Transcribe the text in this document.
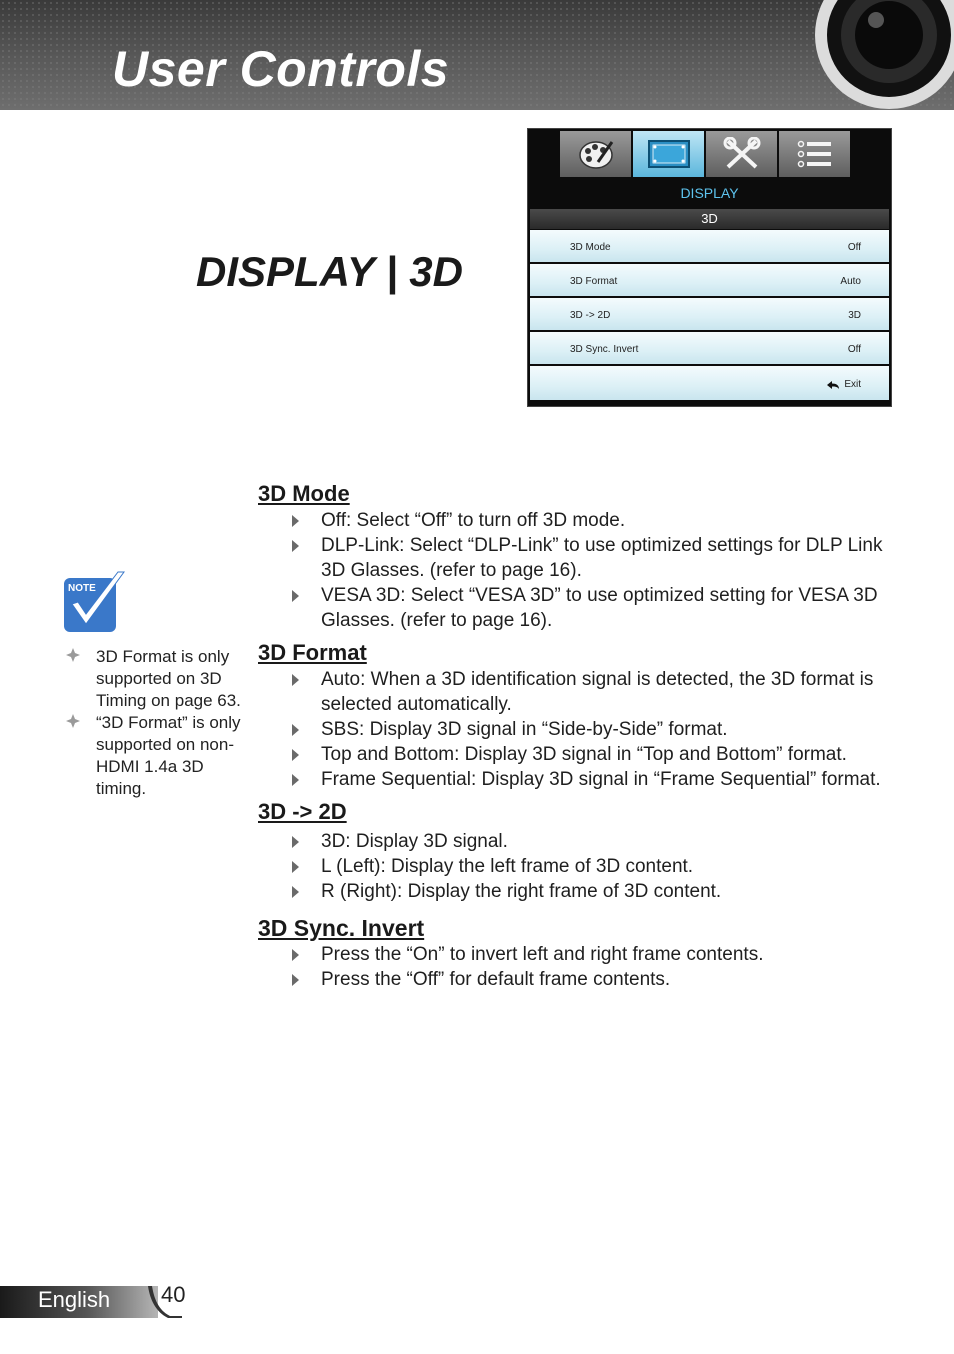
User Controls
DISPLAY | 3D
DISPLAY
3D
3D Mode	Off
3D Format	Auto
3D -> 2D	3D
3D Sync. Invert	Off
Exit
NOTE
3D Format is only supported on 3D Timing on page 63.
“3D Format” is only supported on non-HDMI 1.4a 3D timing.
3D Mode
Off: Select “Off” to turn off 3D mode.
DLP-Link: Select “DLP-Link” to use optimized settings for DLP Link 3D Glasses. (refer to page 16).
VESA 3D: Select “VESA 3D” to use optimized setting for VESA 3D Glasses. (refer to page 16).
3D Format
Auto: When a 3D identification signal is detected, the 3D format is selected automatically.
SBS: Display 3D signal in “Side-by-Side” format.
Top and Bottom: Display 3D signal in “Top and Bottom” format.
Frame Sequential: Display 3D signal in “Frame Sequential” format.
3D -> 2D
3D: Display 3D signal.
L (Left): Display the left frame of 3D content.
R (Right): Display the right frame of 3D content.
3D Sync. Invert
Press the “On” to invert left and right frame contents.
Press the “Off” for default frame contents.
English 40
